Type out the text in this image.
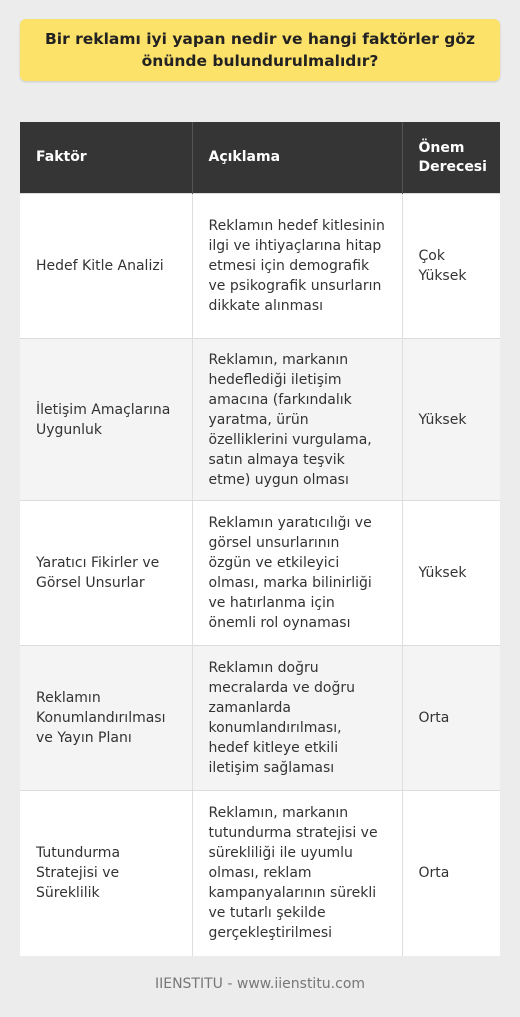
Bir reklamı iyi yapan nedir ve hangi faktörler göz önünde bulundurulmalıdır?
Faktör	Açıklama	Önem Derecesi
Hedef Kitle Analizi	Reklamın hedef kitlesinin ilgi ve ihtiyaçlarına hitap etmesi için demografik ve psikografik unsurların dikkate alınması	Çok Yüksek
İletişim Amaçlarına Uygunluk	Reklamın, markanın hedeflediği iletişim amacına (farkındalık yaratma, ürün özelliklerini vurgulama, satın almaya teşvik etme) uygun olması	Yüksek
Yaratıcı Fikirler ve Görsel Unsurlar	Reklamın yaratıcılığı ve görsel unsurlarının özgün ve etkileyici olması, marka bilinirliği ve hatırlanma için önemli rol oynaması	Yüksek
Reklamın Konumlandırılması ve Yayın Planı	Reklamın doğru mecralarda ve doğru zamanlarda konumlandırılması, hedef kitleye etkili iletişim sağlaması	Orta
Tutundurma Stratejisi ve Süreklilik	Reklamın, markanın tutundurma stratejisi ve sürekliliği ile uyumlu olması, reklam kampanyalarının sürekli ve tutarlı şekilde gerçekleştirilmesi	Orta
IIENSTITU - www.iienstitu.com
